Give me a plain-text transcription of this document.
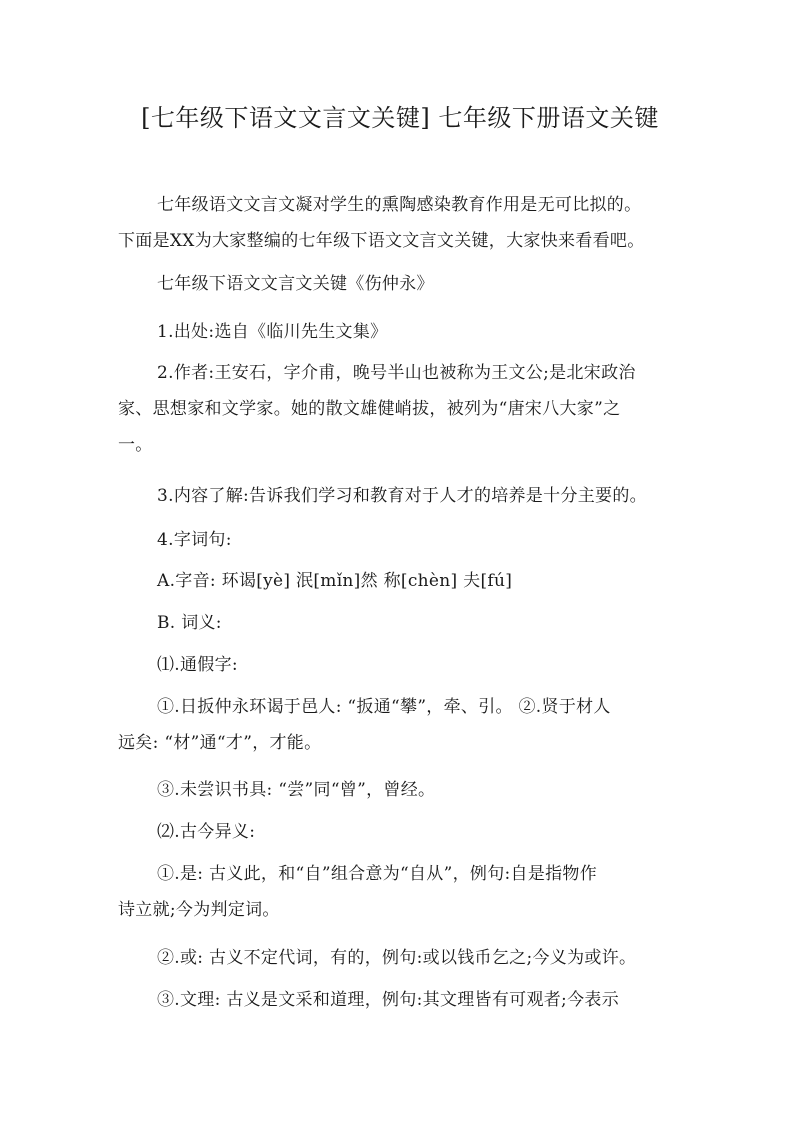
[七年级下语文文言文关键] 七年级下册语文关键
七年级语文文言文凝对学生的熏陶感染教育作用是无可比拟的。
下面是XX为大家整编的七年级下语文文言文关键，大家快来看看吧。
七年级下语文文言文关键《伤仲永》
1.出处:选自《临川先生文集》
2.作者:王安石，字介甫，晚号半山也被称为王文公;是北宋政治
家、思想家和文学家。她的散文雄健峭拔，被列为“唐宋八大家”之
一。
3.内容了解:告诉我们学习和教育对于人才的培养是十分主要的。
4.字词句:
A.字音: 环谒[yè] 泯[mǐn]然 称[chèn] 夫[fú]
B. 词义:
⑴.通假字:
①.日扳仲永环谒于邑人: “扳通“攀”，牵、引。 ②.贤于材人
远矣: “材”通“才”，才能。
③.未尝识书具: “尝”同“曾”，曾经。
⑵.古今异义:
①.是: 古义此，和“自”组合意为“自从”，例句:自是指物作
诗立就;今为判定词。
②.或: 古义不定代词，有的，例句:或以钱币乞之;今义为或许。
③.文理: 古义是文采和道理，例句:其文理皆有可观者;今表示
